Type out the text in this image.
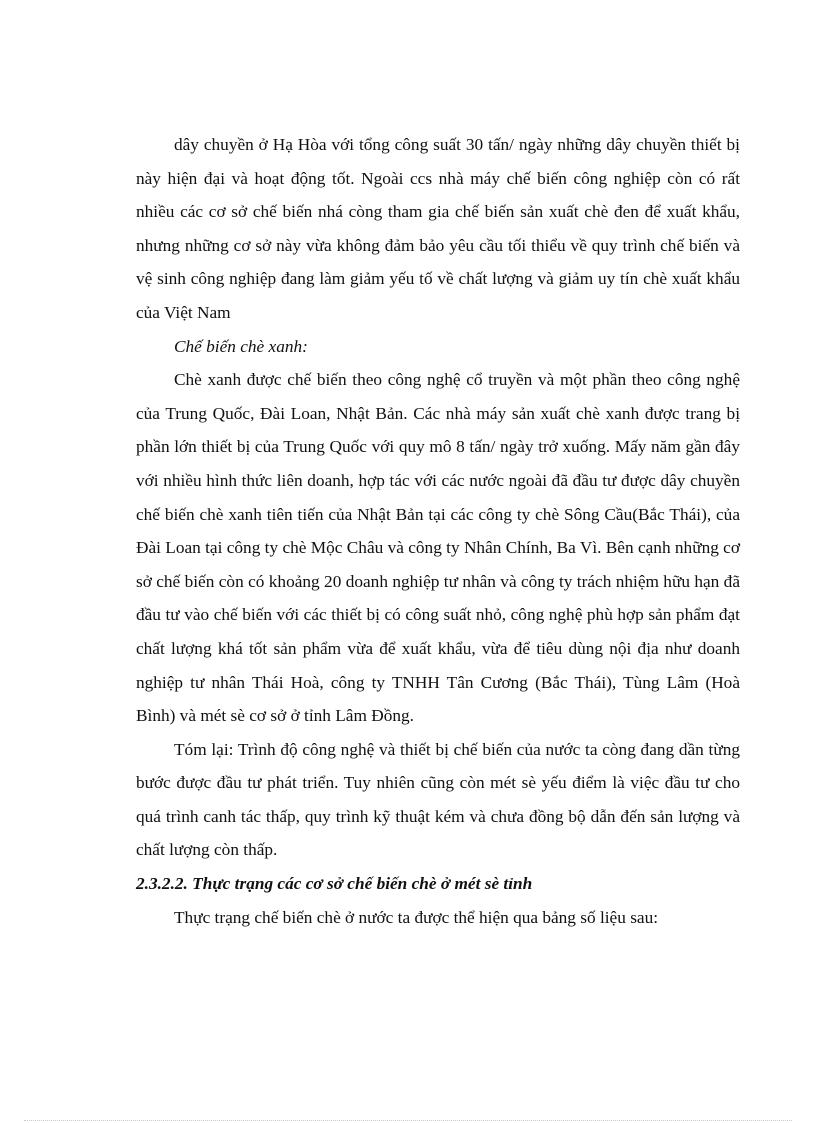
dây chuyền ở Hạ Hòa với tổng công suất 30 tấn/ ngày những dây chuyền thiết bị này hiện đại và hoạt động tốt. Ngoài ccs nhà máy chế biến công nghiệp còn có rất nhiều các cơ sở chế biến nhá còng tham gia chế biến sản xuất chè đen để xuất khẩu, nhưng những cơ sở này vừa không đảm bảo yêu cầu tối thiểu về quy trình chế biến và vệ sinh công nghiệp đang làm giảm yếu tố về chất lượng và giảm uy tín chè xuất khẩu của Việt Nam

Chế biến chè xanh:

Chè xanh được chế biến theo công nghệ cổ truyền và một phần theo công nghệ của Trung Quốc, Đài Loan, Nhật Bản. Các nhà máy sản xuất chè xanh được trang bị phần lớn thiết bị của Trung Quốc với quy mô 8 tấn/ ngày trở xuống. Mấy năm gần đây với nhiều hình thức liên doanh, hợp tác với các nước ngoài đã đầu tư được dây chuyền chế biến chè xanh tiên tiến của Nhật Bản tại các công ty chè Sông Cầu(Bắc Thái), của Đài Loan tại công ty chè Mộc Châu và công ty Nhân Chính, Ba Vì. Bên cạnh những cơ sở chế biến còn có khoảng 20 doanh nghiệp tư nhân và công ty trách nhiệm hữu hạn đã đầu tư vào chế biến với các thiết bị có công suất nhỏ, công nghệ phù hợp sản phẩm đạt chất lượng khá tốt sản phẩm vừa để xuất khẩu, vừa để tiêu dùng nội địa như doanh nghiệp tư nhân Thái Hoà, công ty TNHH Tân Cương (Bắc Thái), Tùng Lâm (Hoà Bình) và mét sè cơ sở ở tỉnh Lâm Đồng.

Tóm lại: Trình độ công nghệ và thiết bị chế biến của nước ta còng đang dần từng bước được đầu tư phát triển. Tuy nhiên cũng còn mét sè yếu điểm là việc đầu tư cho quá trình canh tác thấp, quy trình kỹ thuật kém và chưa đồng bộ dẫn đến sản lượng và chất lượng còn thấp.

2.3.2.2. Thực trạng các cơ sở chế biến chè ở mét sè tỉnh

Thực trạng chế biến chè ở nước ta được thể hiện qua bảng số liệu sau:
